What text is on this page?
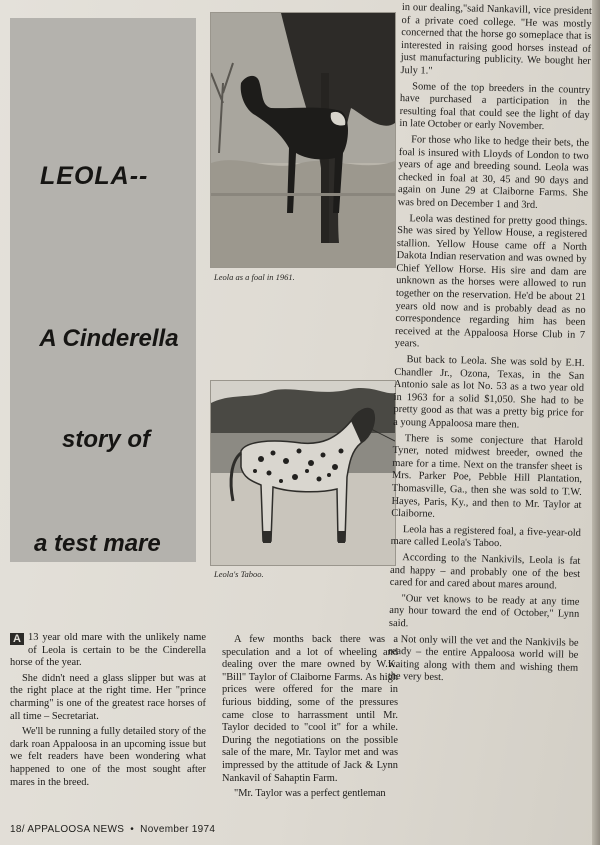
LEOLA--
A Cinderella
story of
a test mare
Leola as a foal in 1961.
Leola's Taboo.

A 13 year old mare with the unlikely name of Leola is certain to be the Cinderella horse of the year.

She didn't need a glass slipper but was at the right place at the right time. Her "prince charming" is one of the greatest race horses of all time – Secretariat.

We'll be running a fully detailed story of the dark roan Appaloosa in an upcoming issue but we felt readers have been wondering what happened to one of the most sought after mares in the breed.

A few months back there was a speculation and a lot of wheeling and dealing over the mare owned by W.K. "Bill" Taylor of Claiborne Farms. As high prices were offered for the mare in furious bidding, some of the pressures came close to harrassment until Mr. Taylor decided to "cool it" for a while. During the negotiations on the possible sale of the mare, Mr. Taylor met and was impressed by the attitude of Jack & Lynn Nankavil of Sahaptin Farm.

"Mr. Taylor was a perfect gentleman

in our dealing,"said Nankavill, vice president of a private coed college. "He was mostly concerned that the horse go someplace that is interested in raising good horses instead of just manufacturing publicity. We bought her July 1."

Some of the top breeders in the country have purchased a participation in the resulting foal that could see the light of day in late October or early November.

For those who like to hedge their bets, the foal is insured with Lloyds of London to two years of age and breeding sound. Leola was checked in foal at 30, 45 and 90 days and again on June 29 at Claiborne Farms. She was bred on December 1 and 3rd.

Leola was destined for pretty good things. She was sired by Yellow House, a registered stallion. Yellow House came off a North Dakota Indian reservation and was owned by Chief Yellow Horse. His sire and dam are unknown as the horses were allowed to run together on the reservation. He'd be about 21 years old now and is probably dead as no correspondence regarding him has been received at the Appaloosa Horse Club in 7 years.

But back to Leola. She was sold by E.H. Chandler Jr., Ozona, Texas, in the San Antonio sale as lot No. 53 as a two year old in 1963 for a solid $1,050. She had to be pretty good as that was a pretty big price for a young Appaloosa mare then.

There is some conjecture that Harold Tyner, noted midwest breeder, owned the mare for a time. Next on the transfer sheet is Mrs. Parker Poe, Pebble Hill Plantation, Thomasville, Ga., then she was sold to T.W. Hayes, Paris, Ky., and then to Mr. Taylor at Claiborne.

Leola has a registered foal, a five-year-old mare called Leola's Taboo.

According to the Nankivils, Leola is fat and happy – and probably one of the best cared for and cared about mares around.

"Our vet knows to be ready at any time any hour toward the end of October," Lynn said.

Not only will the vet and the Nankivils be ready – the entire Appaloosa world will be waiting along with them and wishing them the very best.

18/ APPALOOSA NEWS • November 1974
